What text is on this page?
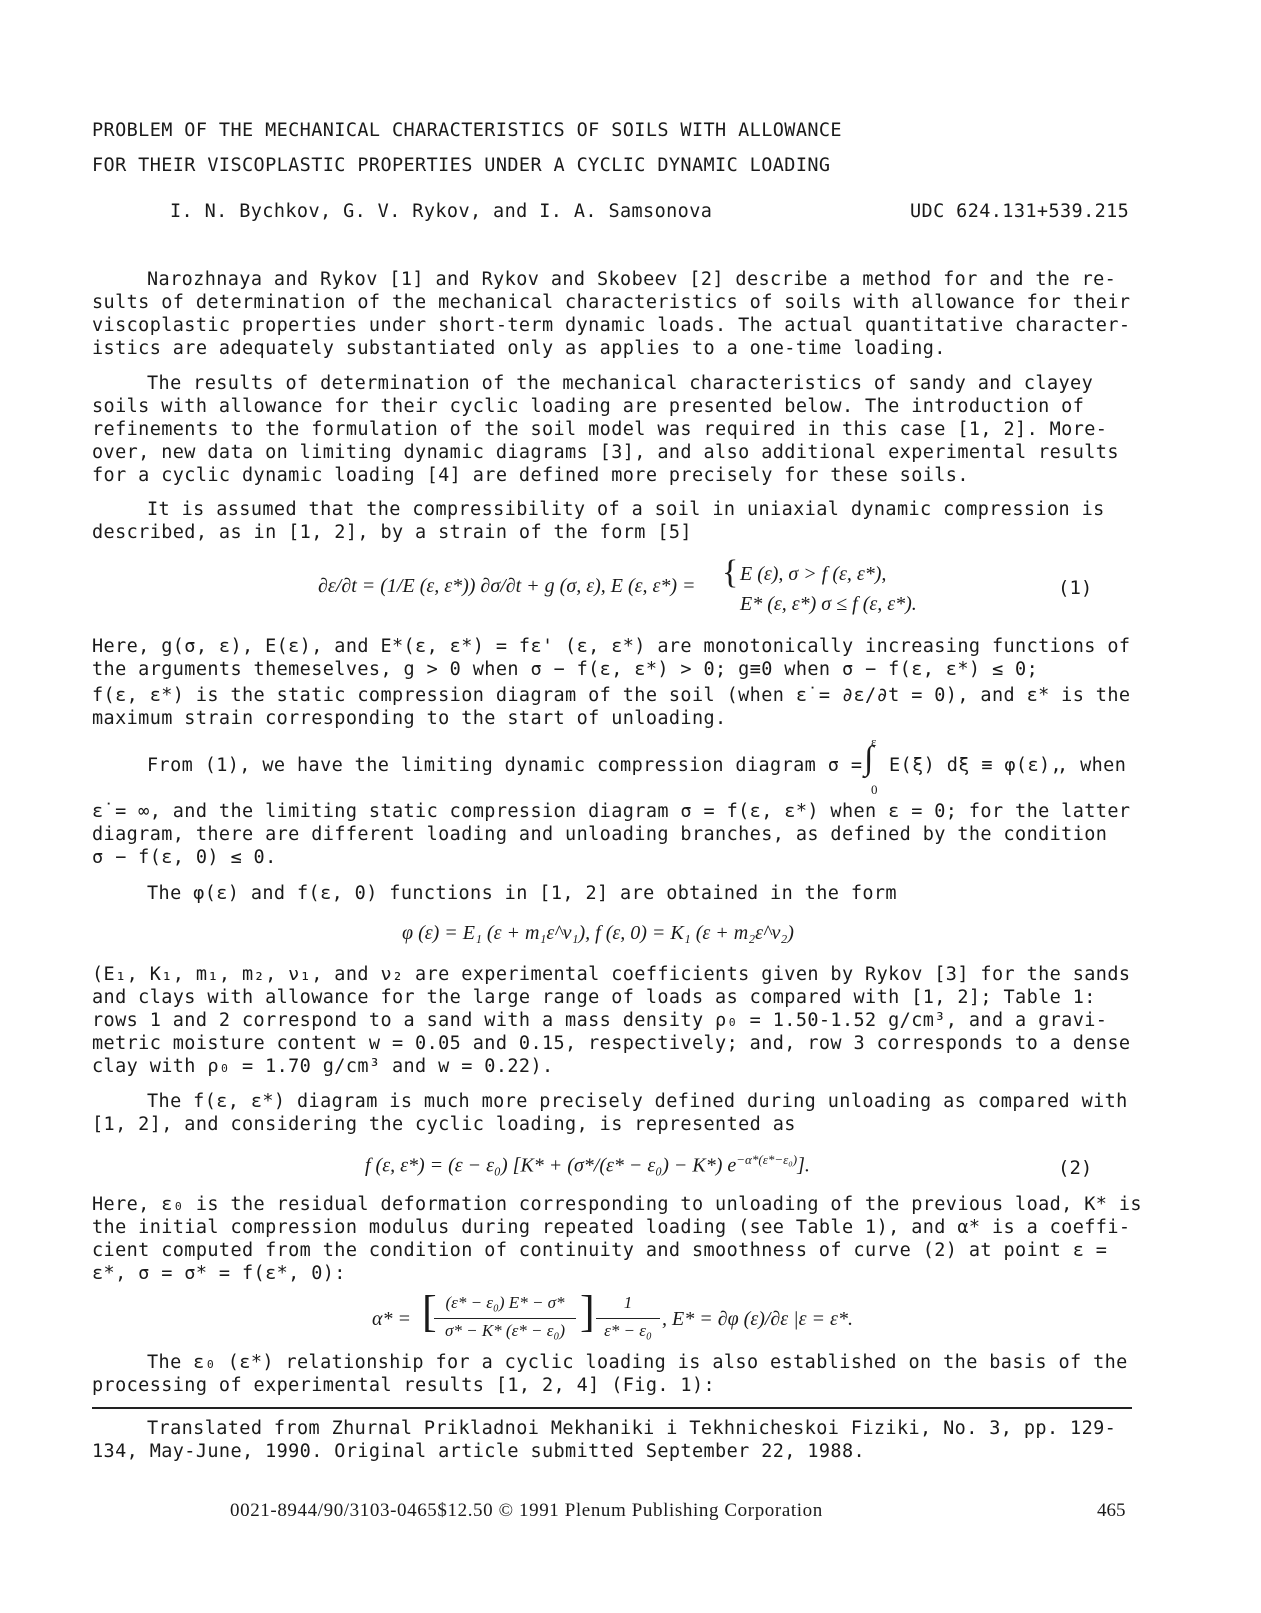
PROBLEM OF THE MECHANICAL CHARACTERISTICS OF SOILS WITH ALLOWANCE
FOR THEIR VISCOPLASTIC PROPERTIES UNDER A CYCLIC DYNAMIC LOADING
I. N. Bychkov, G. V. Rykov, and I. A. Samsonova	UDC 624.131+539.215
Narozhnaya and Rykov [1] and Rykov and Skobeev [2] describe a method for and the re-
sults of determination of the mechanical characteristics of soils with allowance for their
viscoplastic properties under short-term dynamic loads. The actual quantitative character-
istics are adequately substantiated only as applies to a one-time loading.
The results of determination of the mechanical characteristics of sandy and clayey
soils with allowance for their cyclic loading are presented below. The introduction of
refinements to the formulation of the soil model was required in this case [1, 2]. More-
over, new data on limiting dynamic diagrams [3], and also additional experimental results
for a cyclic dynamic loading [4] are defined more precisely for these soils.
It is assumed that the compressibility of a soil in uniaxial dynamic compression is
described, as in [1, 2], by a strain of the form [5]
∂ε/∂t = (1/E (ε, ε*)) ∂σ/∂t + g (σ, ε), E (ε, ε*) = { E (ε), σ > f (ε, ε*),
E* (ε, ε*) σ ≤ f (ε, ε*).
(1)
Here, g(σ, ε), E(ε), and E*(ε, ε*) = fε' (ε, ε*) are monotonically increasing functions of
the arguments themeselves, g > 0 when σ − f(ε, ε*) > 0; g≡0 when σ − f(ε, ε*) ≤ 0;
f(ε, ε*) is the static compression diagram of the soil (when ε̇ = ∂ε/∂t = 0), and ε* is the
maximum strain corresponding to the start of unloading.
From (1), we have the limiting dynamic compression diagram σ =
ε
∫
0
E(ξ) dξ ≡ φ(ε),
, when
ε̇ = ∞, and the limiting static compression diagram σ = f(ε, ε*) when ε = 0; for the latter
diagram, there are different loading and unloading branches, as defined by the condition
σ − f(ε, 0) ≤ 0.
The φ(ε) and f(ε, 0) functions in [1, 2] are obtained in the form
φ (ε) = E₁ (ε + m₁ε^ν₁), f (ε, 0) = K₁ (ε + m₂ε^ν₂)
(E₁, K₁, m₁, m₂, ν₁, and ν₂ are experimental coefficients given by Rykov [3] for the sands
and clays with allowance for the large range of loads as compared with [1, 2]; Table 1:
rows 1 and 2 correspond to a sand with a mass density ρ₀ = 1.50-1.52 g/cm³, and a gravi-
metric moisture content w = 0.05 and 0.15, respectively; and, row 3 corresponds to a dense
clay with ρ₀ = 1.70 g/cm³ and w = 0.22).
The f(ε, ε*) diagram is much more precisely defined during unloading as compared with
[1, 2], and considering the cyclic loading, is represented as
f (ε, ε*) = (ε − ε₀) [K* + (σ*/(ε* − ε₀) − K*) $e^{-\alpha*(\varepsilon*-\varepsilon_0)}$].	(2)
Here, ε₀ is the residual deformation corresponding to unloading of the previous load, K* is
the initial compression modulus during repeated loading (see Table 1), and α* is a coeffi-
cient computed from the condition of continuity and smoothness of curve (2) at point ε =
ε*, σ = σ* = f(ε*, 0):
α* = [ (ε* − ε₀) E* − σ*
σ* − K* (ε* − ε₀) ]	1
ε* − ε₀
, E* = ∂φ (ε)/∂ε |ε = ε*.
The ε₀ (ε*) relationship for a cyclic loading is also established on the basis of the
processing of experimental results [1, 2, 4] (Fig. 1):
Translated from Zhurnal Prikladnoi Mekhaniki i Tekhnicheskoi Fiziki, No. 3, pp. 129-
134, May-June, 1990. Original article submitted September 22, 1988.
0021-8944/90/3103-0465$12.50 © 1991 Plenum Publishing Corporation	465
